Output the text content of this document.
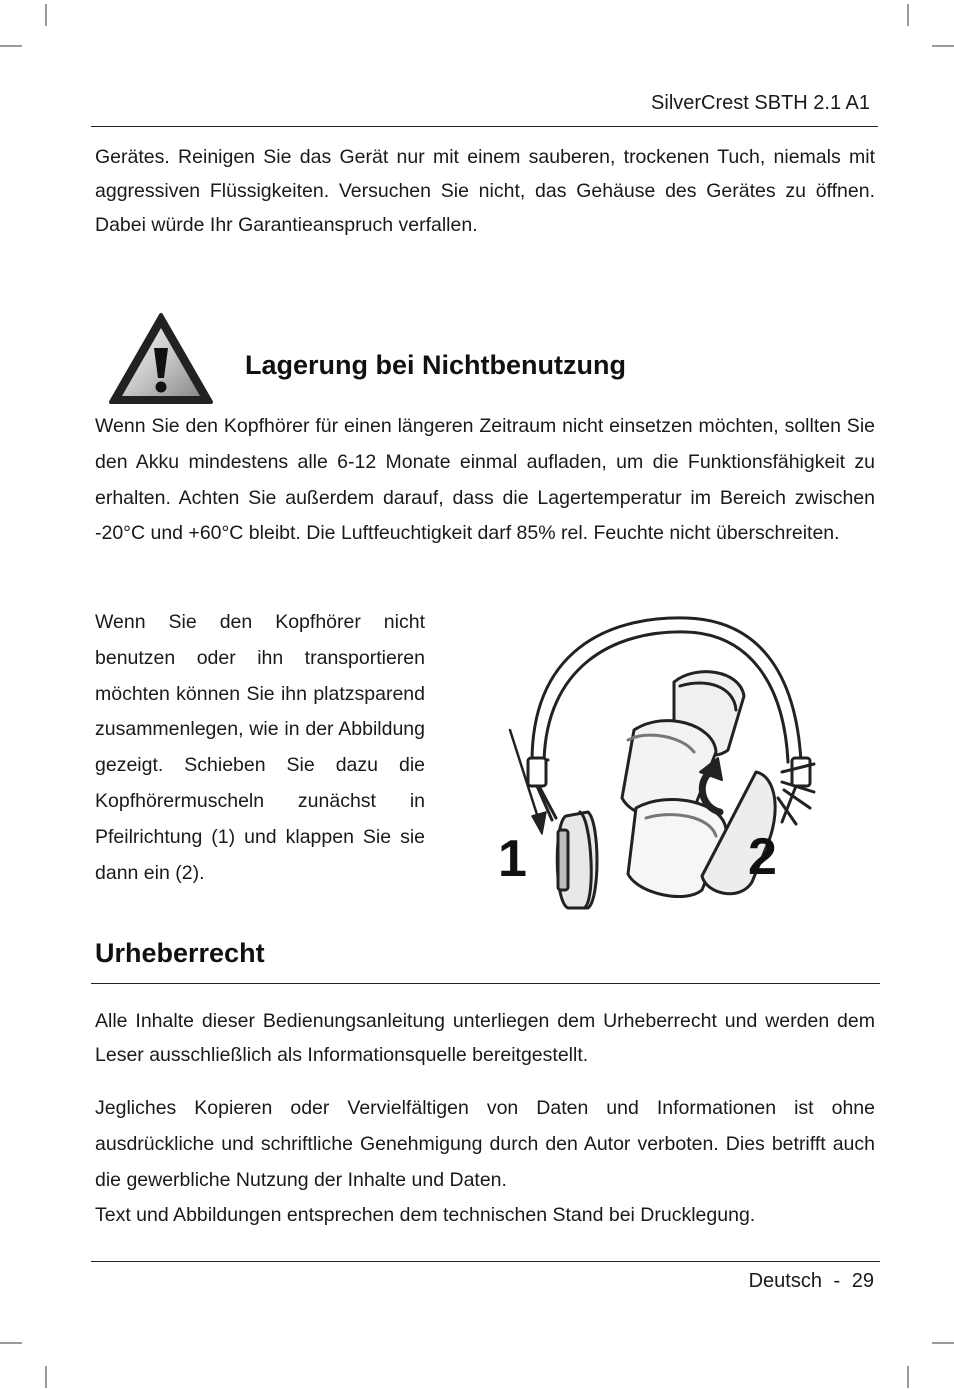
SilverCrest SBTH 2.1 A1

Gerätes. Reinigen Sie das Gerät nur mit einem sauberen, trockenen Tuch, niemals mit aggressiven Flüssigkeiten. Versuchen Sie nicht, das Gehäuse des Gerätes zu öffnen. Dabei würde Ihr Garantieanspruch verfallen.

Lagerung bei Nichtbenutzung

Wenn Sie den Kopfhörer für einen längeren Zeitraum nicht einsetzen möchten, sollten Sie den Akku mindestens alle 6-12 Monate einmal aufladen, um die Funktionsfähigkeit zu erhalten. Achten Sie außerdem darauf, dass die Lagertemperatur im Bereich zwischen -20°C und +60°C bleibt. Die Luftfeuchtigkeit darf 85% rel. Feuchte nicht überschreiten.

Wenn Sie den Kopfhörer nicht benutzen oder ihn transportieren möchten können Sie ihn platzsparend zusammenlegen, wie in der Abbildung gezeigt. Schieben Sie dazu die Kopfhörermuscheln zunächst in Pfeilrichtung (1) und klappen Sie sie dann ein (2).	1	2
Urheberrecht

Alle Inhalte dieser Bedienungsanleitung unterliegen dem Urheberrecht und werden dem Leser ausschließlich als Informationsquelle bereitgestellt.

Jegliches Kopieren oder Vervielfältigen von Daten und Informationen ist ohne ausdrückliche und schriftliche Genehmigung durch den Autor verboten. Dies betrifft auch die gewerbliche Nutzung der Inhalte und Daten.

Text und Abbildungen entsprechen dem technischen Stand bei Drucklegung.

Deutsch - 29
